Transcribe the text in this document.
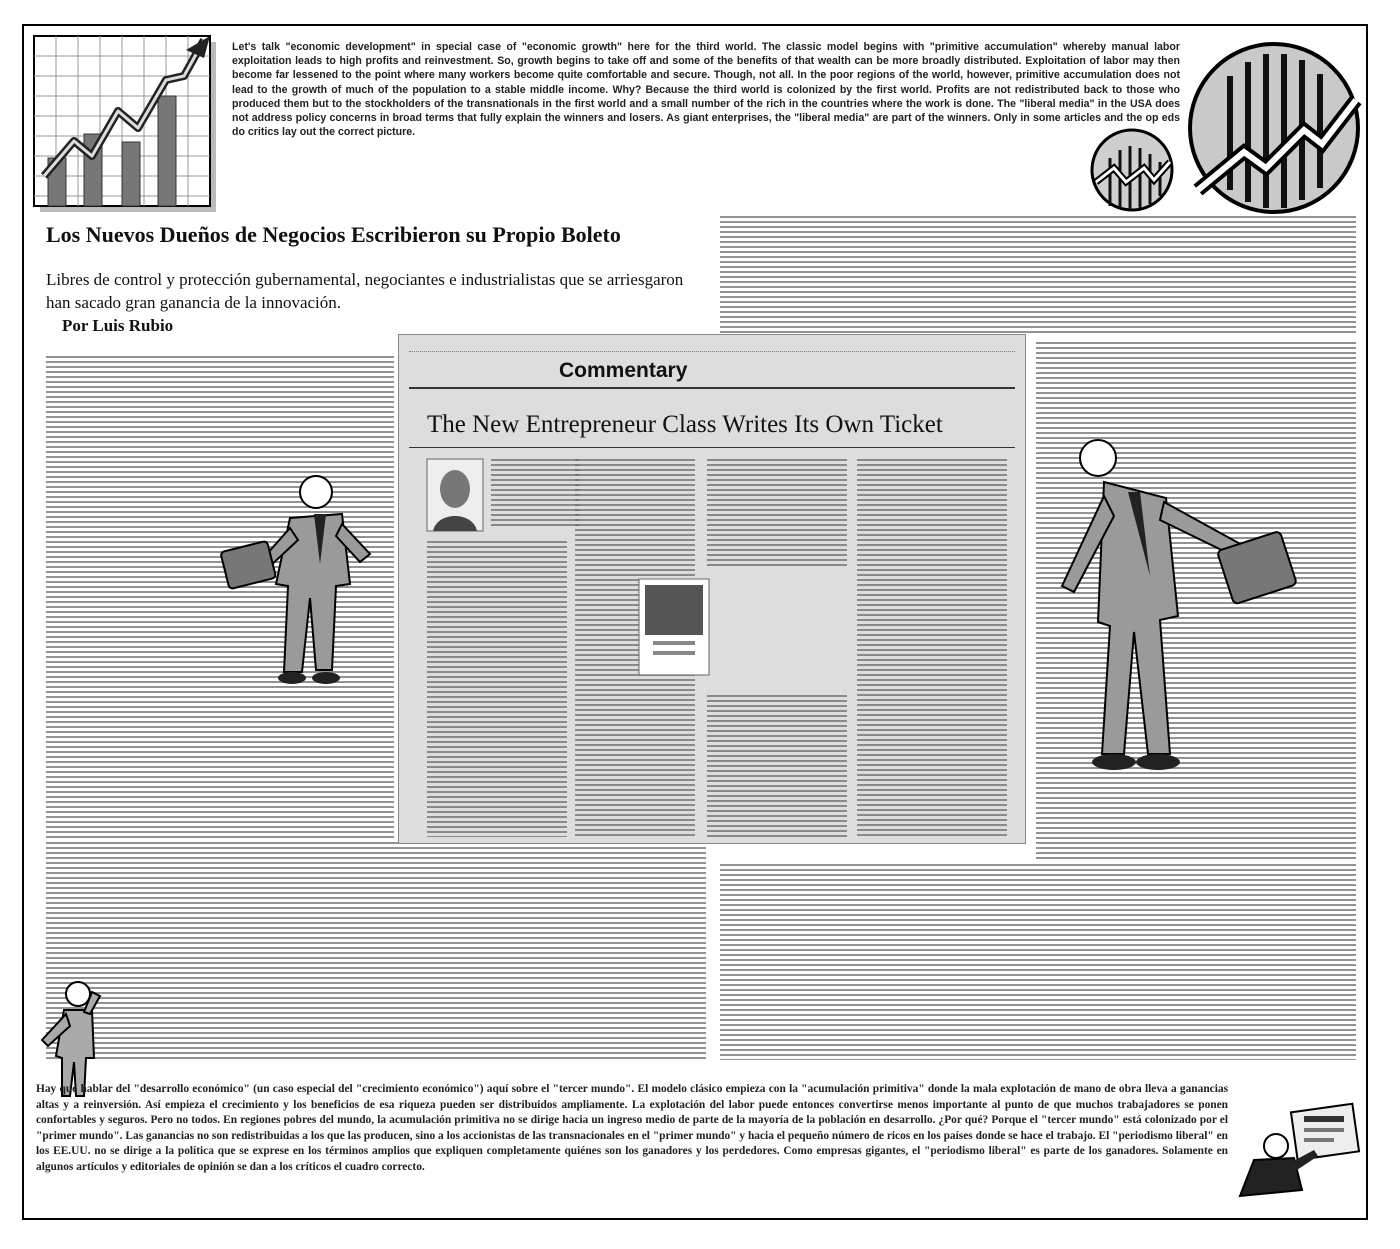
Let's talk "economic development" in special case of "economic growth" here for the third world. The classic model begins with "primitive accumulation" whereby manual labor exploitation leads to high profits and reinvestment. So, growth begins to take off and some of the benefits of that wealth can be more broadly distributed. Exploitation of labor may then become far lessened to the point where many workers become quite comfortable and secure. Though, not all. In the poor regions of the world, however, primitive accumulation does not lead to the growth of much of the population to a stable middle income. Why? Because the third world is colonized by the first world. Profits are not redistributed back to those who produced them but to the stockholders of the transnationals in the first world and a small number of the rich in the countries where the work is done. The "liberal media" in the USA does not address policy concerns in broad terms that fully explain the winners and losers. As giant enterprises, the "liberal media" are part of the winners. Only in some articles and the op eds do critics lay out the correct picture.
Los Nuevos Dueños de Negocios Escribieron su Propio Boleto
Libres de control y protección gubernamental, negociantes e industrialistas que se arriesgaron han sacado gran ganancia de la innovación.
Por Luis Rubio
Commentary
The New Entrepreneur Class Writes Its Own Ticket
Hay que hablar del "desarrollo económico" (un caso especial del "crecimiento económico") aquí sobre el "tercer mundo". El modelo clásico empieza con la "acumulación primitiva" donde la mala explotación de mano de obra lleva a ganancias altas y a reinversión. Así empieza el crecimiento y los beneficios de esa riqueza pueden ser distribuidos ampliamente. La explotación del labor puede entonces convertirse menos importante al punto de que muchos trabajadores se ponen confortables y seguros. Pero no todos. En regiones pobres del mundo, la acumulación primitiva no se dirige hacia un ingreso medio de parte de la mayoría de la población en desarrollo. ¿Por qué? Porque el "tercer mundo" está colonizado por el "primer mundo". Las ganancias no son redistribuidas a los que las producen, sino a los accionistas de las transnacionales en el "primer mundo" y hacia el pequeño número de ricos en los países donde se hace el trabajo. El "periodismo liberal" en los EE.UU. no se dirige a la política que se exprese en los términos amplios que expliquen completamente quiénes son los ganadores y los perdedores. Como empresas gigantes, el "periodismo liberal" es parte de los ganadores. Solamente en algunos artículos y editoriales de opinión se dan a los críticos el cuadro correcto.
